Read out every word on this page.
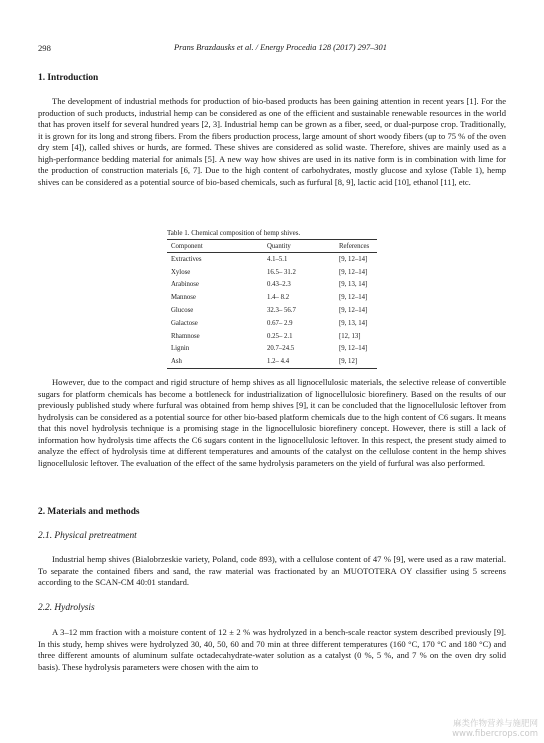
298	Prans Brazdausks et al. / Energy Procedia 128 (2017) 297–301
1. Introduction

The development of industrial methods for production of bio-based products has been gaining attention in recent years [1]. For the production of such products, industrial hemp can be considered as one of the efficient and sustainable renewable resources in the world that has proven itself for several hundred years [2, 3]. Industrial hemp can be grown as a fiber, seed, or dual-purpose crop. Traditionally, it is grown for its long and strong fibers. From the fibers production process, large amount of short woody fibers (up to 75 % of the oven dry stem [4]), called shives or hurds, are formed. These shives are considered as solid waste. Therefore, shives are mainly used as a high-performance bedding material for animals [5]. A new way how shives are used in its native form is in combination with lime for the production of construction materials [6, 7]. Due to the high content of carbohydrates, mostly glucose and xylose (Table 1), hemp shives can be considered as a potential source of bio-based chemicals, such as furfural [8, 9], lactic acid [10], ethanol [11], etc.

Table 1. Chemical composition of hemp shives.
Component	Quantity	References
Extractives	4.1–5.1	[9, 12–14]
Xylose	16.5– 31.2	[9, 12–14]
Arabinose	0.43–2.3	[9, 13, 14]
Mannose	1.4– 8.2	[9, 12–14]
Glucose	32.3– 56.7	[9, 12–14]
Galactose	0.67– 2.9	[9, 13, 14]
Rhamnose	0.25– 2.1	[12, 13]
Lignin	20.7–24.5	[9, 12–14]
Ash	1.2– 4.4	[9, 12]

However, due to the compact and rigid structure of hemp shives as all lignocellulosic materials, the selective release of convertible sugars for platform chemicals has become a bottleneck for industrialization of lignocellulosic biorefinery. Based on the results of our previously published study where furfural was obtained from hemp shives [9], it can be concluded that the lignocellulosic leftover from hydrolysis can be considered as a potential source for other bio-based platform chemicals due to the high content of C6 sugars. It means that this novel hydrolysis technique is a promising stage in the lignocellulosic biorefinery concept. However, there is still a lack of information how hydrolysis time affects the C6 sugars content in the lignocellulosic leftover. In this respect, the present study aimed to analyze the effect of hydrolysis time at different temperatures and amounts of the catalyst on the cellulose content in the hemp shives lignocellulosic leftover. The evaluation of the effect of the same hydrolysis parameters on the yield of furfural was also performed.

2. Materials and methods
2.1. Physical pretreatment

Industrial hemp shives (Bialobrzeskie variety, Poland, code 893), with a cellulose content of 47 % [9], were used as a raw material. To separate the contained fibers and sand, the raw material was fractionated by an MUOTOTERA OY classifier using 5 screens according to the SCAN-CM 40:01 standard.

2.2. Hydrolysis

A 3–12 mm fraction with a moisture content of 12 ± 2 % was hydrolyzed in a bench-scale reactor system described previously [9]. In this study, hemp shives were hydrolyzed 30, 40, 50, 60 and 70 min at three different temperatures (160 °C, 170 °C and 180 °C) and three different amounts of aluminum sulfate octadecahydrate-water solution as a catalyst (0 %, 5 %, and 7 % on the oven dry solid basis). These hydrolysis parameters were chosen with the aim to

麻类作物营养与施肥网
www.fibercrops.com
